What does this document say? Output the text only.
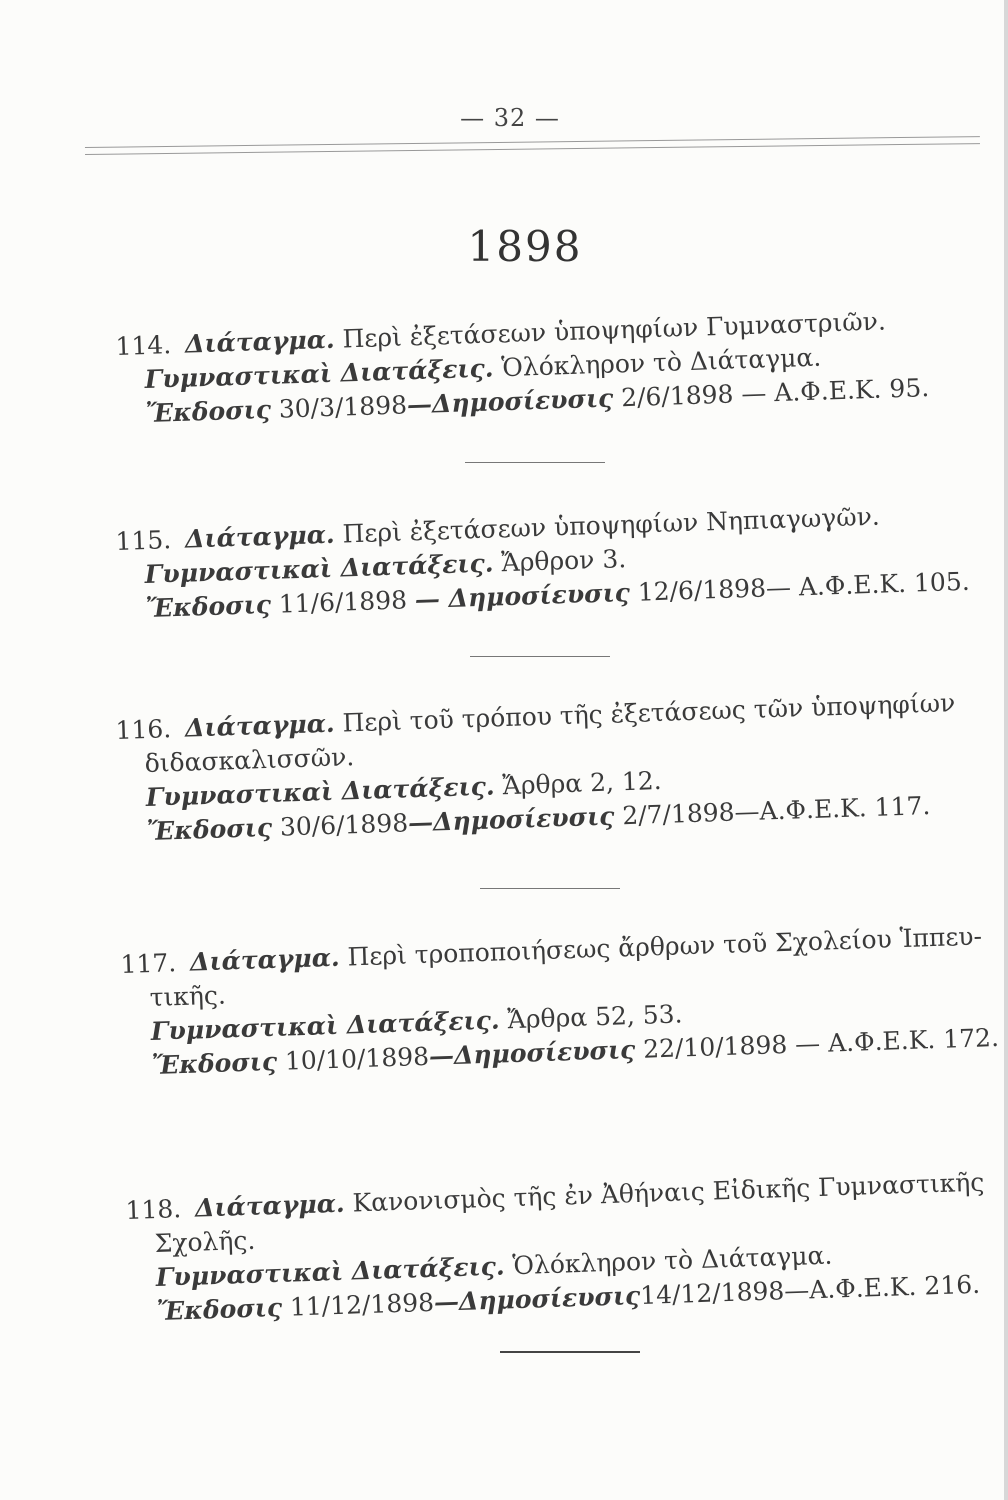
— 32 —
1898
114. Διάταγμα. Περὶ ἐξετάσεων ὑποψηφίων Γυμναστριῶν.
Γυμναστικαὶ Διατάξεις. Ὁλόκληρον τὸ Διάταγμα.
Ἔκδοσις 30/3/1898—Δημοσίευσις 2/6/1898 — Α.Φ.Ε.Κ. 95.
115. Διάταγμα. Περὶ ἐξετάσεων ὑποψηφίων Νηπιαγωγῶν.
Γυμναστικαὶ Διατάξεις. Ἄρθρον 3.
Ἔκδοσις 11/6/1898 — Δημοσίευσις 12/6/1898— Α.Φ.Ε.Κ. 105.
116. Διάταγμα. Περὶ τοῦ τρόπου τῆς ἐξετάσεως τῶν ὑποψηφίων
διδασκαλισσῶν.
Γυμναστικαὶ Διατάξεις. Ἄρθρα 2, 12.
Ἔκδοσις 30/6/1898—Δημοσίευσις 2/7/1898—Α.Φ.Ε.Κ. 117.
117. Διάταγμα. Περὶ τροποποιήσεως ἄρθρων τοῦ Σχολείου Ἱππευ-
τικῆς.
Γυμναστικαὶ Διατάξεις. Ἄρθρα 52, 53.
Ἔκδοσις 10/10/1898—Δημοσίευσις 22/10/1898 — Α.Φ.Ε.Κ. 172.
118. Διάταγμα. Κανονισμὸς τῆς ἐν Ἀθήναις Εἰδικῆς Γυμναστικῆς
Σχολῆς.
Γυμναστικαὶ Διατάξεις. Ὁλόκληρον τὸ Διάταγμα.
Ἔκδοσις 11/12/1898—Δημοσίευσις14/12/1898—Α.Φ.Ε.Κ. 216.
